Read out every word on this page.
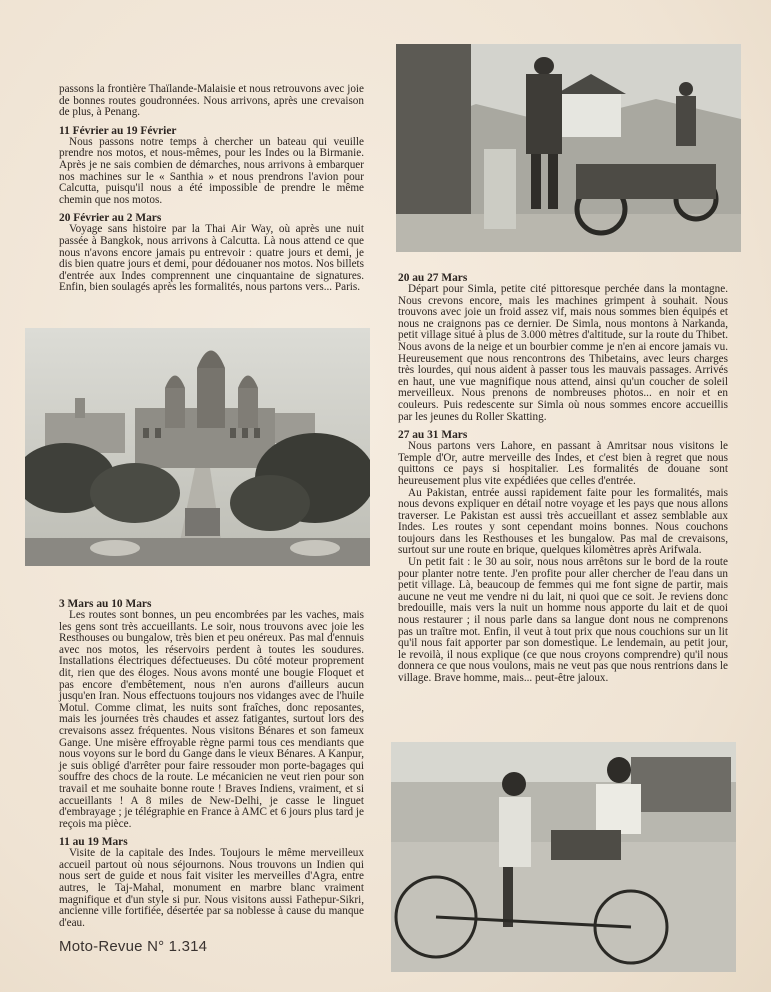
passons la frontière Thaïlande-Malaisie et nous retrouvons avec joie de bonnes routes goudronnées. Nous arrivons, après une crevaison de plus, à Penang.

11 Février au 19 Février

Nous passons notre temps à chercher un bateau qui veuille prendre nos motos, et nous-mêmes, pour les Indes ou la Birmanie. Après je ne sais combien de démarches, nous arrivons à embarquer nos machines sur le « Santhia » et nous prendrons l'avion pour Calcutta, puisqu'il nous a été impossible de prendre le même chemin que nos motos.

20 Février au 2 Mars

Voyage sans histoire par la Thai Air Way, où après une nuit passée à Bangkok, nous arrivons à Calcutta. Là nous attend ce que nous n'avons encore jamais pu entrevoir : quatre jours et demi, je dis bien quatre jours et demi, pour dédouaner nos motos. Nos billets d'entrée aux Indes comprennent une cinquantaine de signatures. Enfin, bien soulagés après les formalités, nous partons vers... Paris.

3 Mars au 10 Mars

Les routes sont bonnes, un peu encombrées par les vaches, mais les gens sont très accueillants. Le soir, nous trouvons avec joie les Resthouses ou bungalow, très bien et peu onéreux. Pas mal d'ennuis avec nos motos, les réservoirs perdent à toutes les soudures. Installations électriques défectueuses. Du côté moteur proprement dit, rien que des éloges. Nous avons monté une bougie Floquet et pas encore d'embêtement, nous n'en aurons d'ailleurs aucun jusqu'en Iran. Nous effectuons toujours nos vidanges avec de l'huile Motul. Comme climat, les nuits sont fraîches, donc reposantes, mais les journées très chaudes et assez fatigantes, surtout lors des crevaisons assez fréquentes. Nous visitons Bénares et son fameux Gange. Une misère effroyable règne parmi tous ces mendiants que nous voyons sur le bord du Gange dans le vieux Bénares. A Kanpur, je suis obligé d'arrêter pour faire ressouder mon porte-bagages qui souffre des chocs de la route. Le mécanicien ne veut rien pour son travail et me souhaite bonne route ! Braves Indiens, vraiment, et si accueillants ! A 8 miles de New-Delhi, je casse le linguet d'embrayage ; je télégraphie en France à AMC et 6 jours plus tard je reçois ma pièce.

11 au 19 Mars

Visite de la capitale des Indes. Toujours le même merveilleux accueil partout où nous séjournons. Nous trouvons un Indien qui nous sert de guide et nous fait visiter les merveilles d'Agra, entre autres, le Taj-Mahal, monument en marbre blanc vraiment magnifique et d'un style si pur. Nous visitons aussi Fathepur-Sikri, ancienne ville fortifiée, désertée par sa noblesse à cause du manque d'eau.

20 au 27 Mars

Départ pour Simla, petite cité pittoresque perchée dans la montagne. Nous crevons encore, mais les machines grimpent à souhait. Nous trouvons avec joie un froid assez vif, mais nous sommes bien équipés et nous ne craignons pas ce dernier. De Simla, nous montons à Narkanda, petit village situé à plus de 3.000 mètres d'altitude, sur la route du Thibet. Nous avons de la neige et un bourbier comme je n'en ai encore jamais vu. Heureusement que nous rencontrons des Thibetains, avec leurs charges très lourdes, qui nous aident à passer tous les mauvais passages. Arrivés en haut, une vue magnifique nous attend, ainsi qu'un coucher de soleil merveilleux. Nous prenons de nombreuses photos... en noir et en couleurs. Puis redescente sur Simla où nous sommes encore accueillis par les jeunes du Roller Skatting.

27 au 31 Mars

Nous partons vers Lahore, en passant à Amritsar nous visitons le Temple d'Or, autre merveille des Indes, et c'est bien à regret que nous quittons ce pays si hospitalier. Les formalités de douane sont heureusement plus vite expédiées que celles d'entrée.

Au Pakistan, entrée aussi rapidement faite pour les formalités, mais nous devons expliquer en détail notre voyage et les pays que nous allons traverser. Le Pakistan est aussi très accueillant et assez semblable aux Indes. Les routes y sont cependant moins bonnes. Nous couchons toujours dans les Resthouses et les bungalow. Pas mal de crevaisons, surtout sur une route en brique, quelques kilomètres après Arifwala.

Un petit fait : le 30 au soir, nous nous arrêtons sur le bord de la route pour planter notre tente. J'en profite pour aller chercher de l'eau dans un petit village. Là, beaucoup de femmes qui me font signe de partir, mais aucune ne veut me vendre ni du lait, ni quoi que ce soit. Je reviens donc bredouille, mais vers la nuit un homme nous apporte du lait et de quoi nous restaurer ; il nous parle dans sa langue dont nous ne comprenons pas un traître mot. Enfin, il veut à tout prix que nous couchions sur un lit qu'il nous fait apporter par son domestique. Le lendemain, au petit jour, le revoilà, il nous explique (ce que nous croyons comprendre) qu'il nous donnera ce que nous voulons, mais ne veut pas que nous rentrions dans le village. Brave homme, mais... peut-être jaloux.

Moto-Revue N° 1.314
